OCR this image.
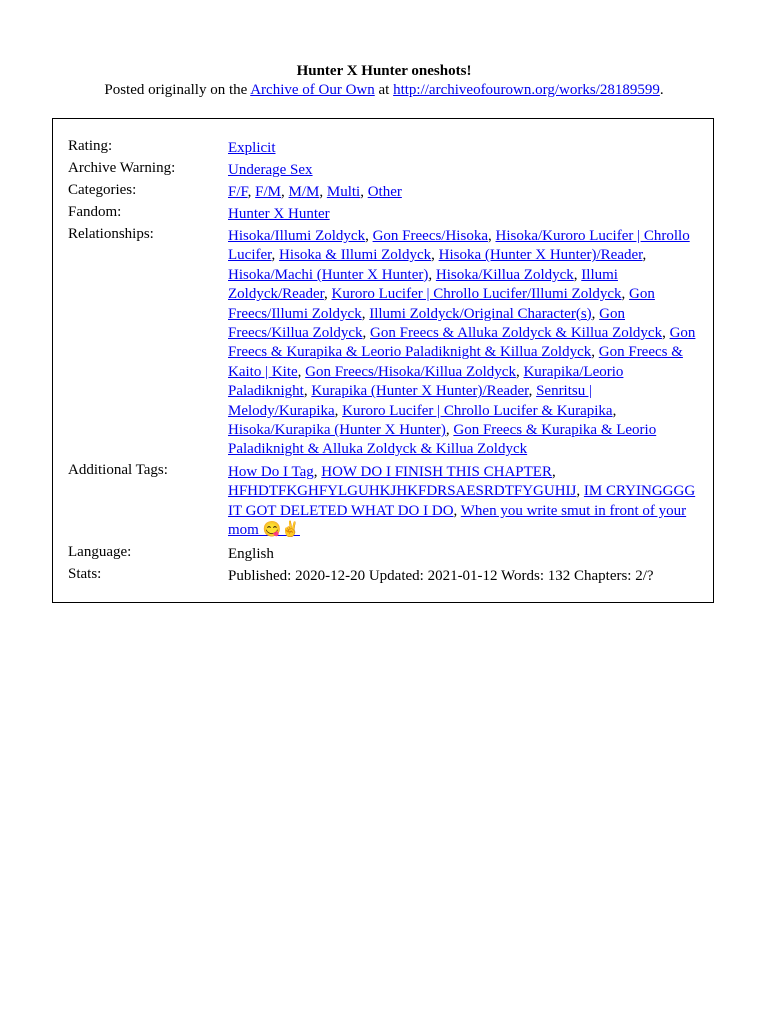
Hunter X Hunter oneshots!
Posted originally on the Archive of Our Own at http://archiveofourown.org/works/28189599.
Rating:	Explicit
Archive Warning:	Underage Sex
Categories:	F/F, F/M, M/M, Multi, Other
Fandom:	Hunter X Hunter
Relationships:	Hisoka/Illumi Zoldyck, Gon Freecs/Hisoka, Hisoka/Kuroro Lucifer | Chrollo Lucifer, Hisoka & Illumi Zoldyck, Hisoka (Hunter X Hunter)/Reader, Hisoka/Machi (Hunter X Hunter), Hisoka/Killua Zoldyck, Illumi Zoldyck/Reader, Kuroro Lucifer | Chrollo Lucifer/Illumi Zoldyck, Gon Freecs/Illumi Zoldyck, Illumi Zoldyck/Original Character(s), Gon Freecs/Killua Zoldyck, Gon Freecs & Alluka Zoldyck & Killua Zoldyck, Gon Freecs & Kurapika & Leorio Paladiknight & Killua Zoldyck, Gon Freecs & Kaito | Kite, Gon Freecs/Hisoka/Killua Zoldyck, Kurapika/Leorio Paladiknight, Kurapika (Hunter X Hunter)/Reader, Senritsu | Melody/Kurapika, Kuroro Lucifer | Chrollo Lucifer & Kurapika, Hisoka/Kurapika (Hunter X Hunter), Gon Freecs & Kurapika & Leorio Paladiknight & Alluka Zoldyck & Killua Zoldyck
Additional Tags:	How Do I Tag, HOW DO I FINISH THIS CHAPTER, HFHDTFKGHFYLGUHKJHKFDRSAESRDTFYGUHIJ, IM CRYINGGGG IT GOT DELETED WHAT DO I DO, When you write smut in front of your mom 😋✌️
Language:	English
Stats:	Published: 2020-12-20 Updated: 2021-01-12 Words: 132 Chapters: 2/?
